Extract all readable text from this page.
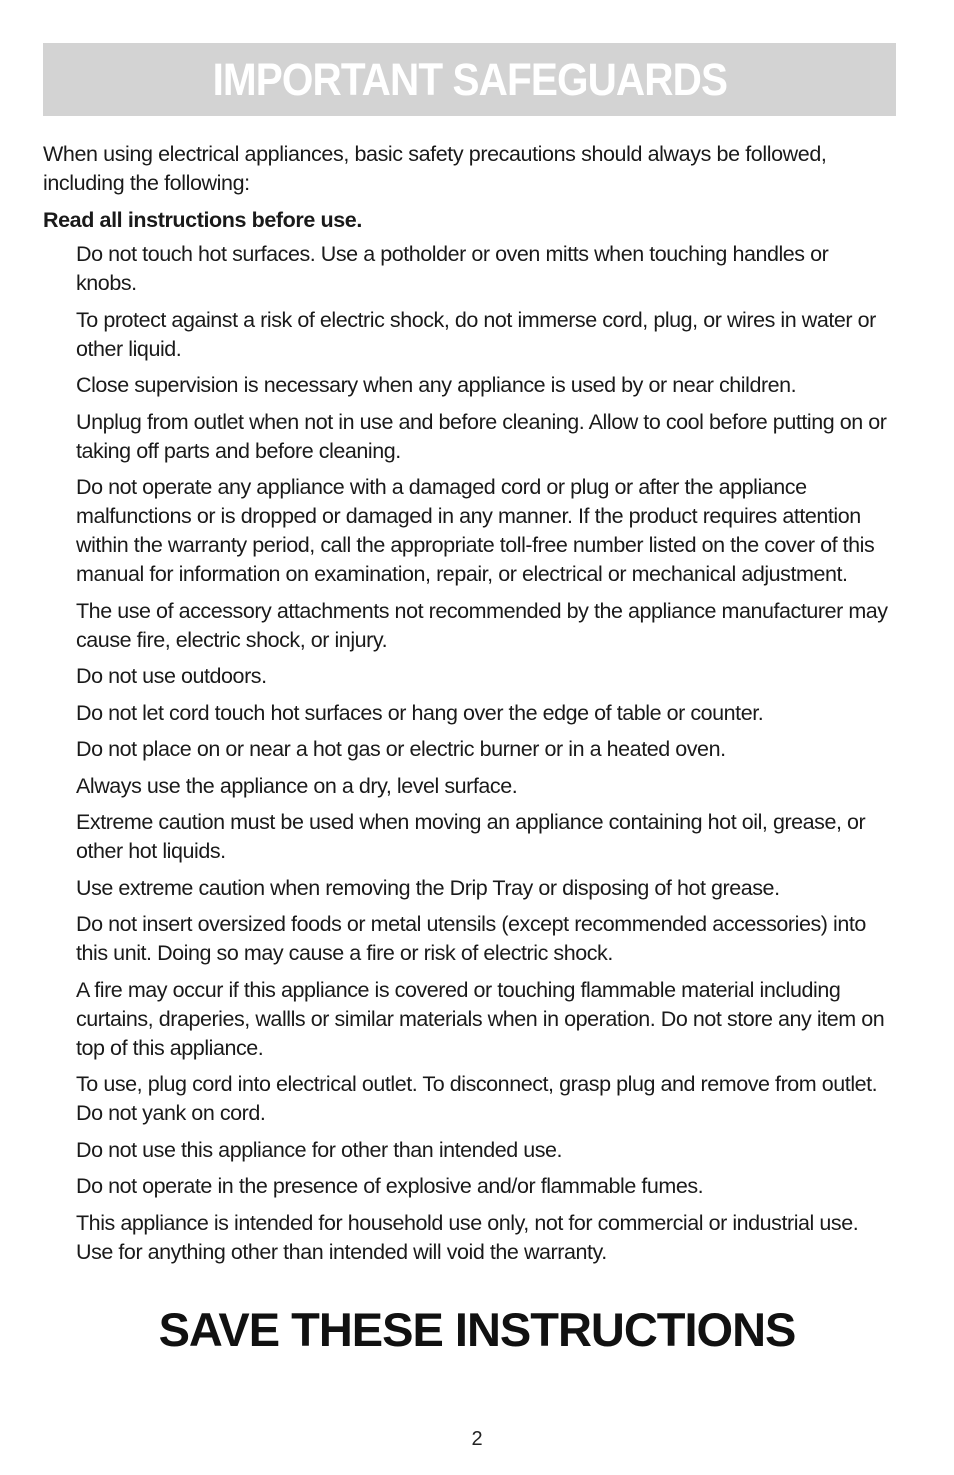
IMPORTANT SAFEGUARDS

When using electrical appliances, basic safety precautions should always be followed, including the following:

Read all instructions before use.

Do not touch hot surfaces. Use a potholder or oven mitts when touching handles or knobs.
To protect against a risk of electric shock, do not immerse cord, plug, or wires in water or other liquid.
Close supervision is necessary when any appliance is used by or near children.
Unplug from outlet when not in use and before cleaning. Allow to cool before putting on or taking off parts and before cleaning.
Do not operate any appliance with a damaged cord or plug or after the appliance malfunctions or is dropped or damaged in any manner. If the product requires attention within the warranty period, call the appropriate toll-free number listed on the cover of this manual for information on examination, repair, or electrical or mechanical adjustment.
The use of accessory attachments not recommended by the appliance manufacturer may cause fire, electric shock, or injury.
Do not use outdoors.
Do not let cord touch hot surfaces or hang over the edge of table or counter.
Do not place on or near a hot gas or electric burner or in a heated oven.
Always use the appliance on a dry, level surface.
Extreme caution must be used when moving an appliance containing hot oil, grease, or other hot liquids.
Use extreme caution when removing the Drip Tray or disposing of hot grease.
Do not insert oversized foods or metal utensils (except recommended accessories) into this unit. Doing so may cause a fire or risk of electric shock.
A fire may occur if this appliance is covered or touching flammable material including curtains, draperies, wallls or similar materials when in operation. Do not store any item on top of this appliance.
To use, plug cord into electrical outlet. To disconnect, grasp plug and remove from outlet. Do not yank on cord.
Do not use this appliance for other than intended use.
Do not operate in the presence of explosive and/or flammable fumes.
This appliance is intended for household use only, not for commercial or industrial use. Use for anything other than intended will void the warranty.
SAVE THESE INSTRUCTIONS
2
